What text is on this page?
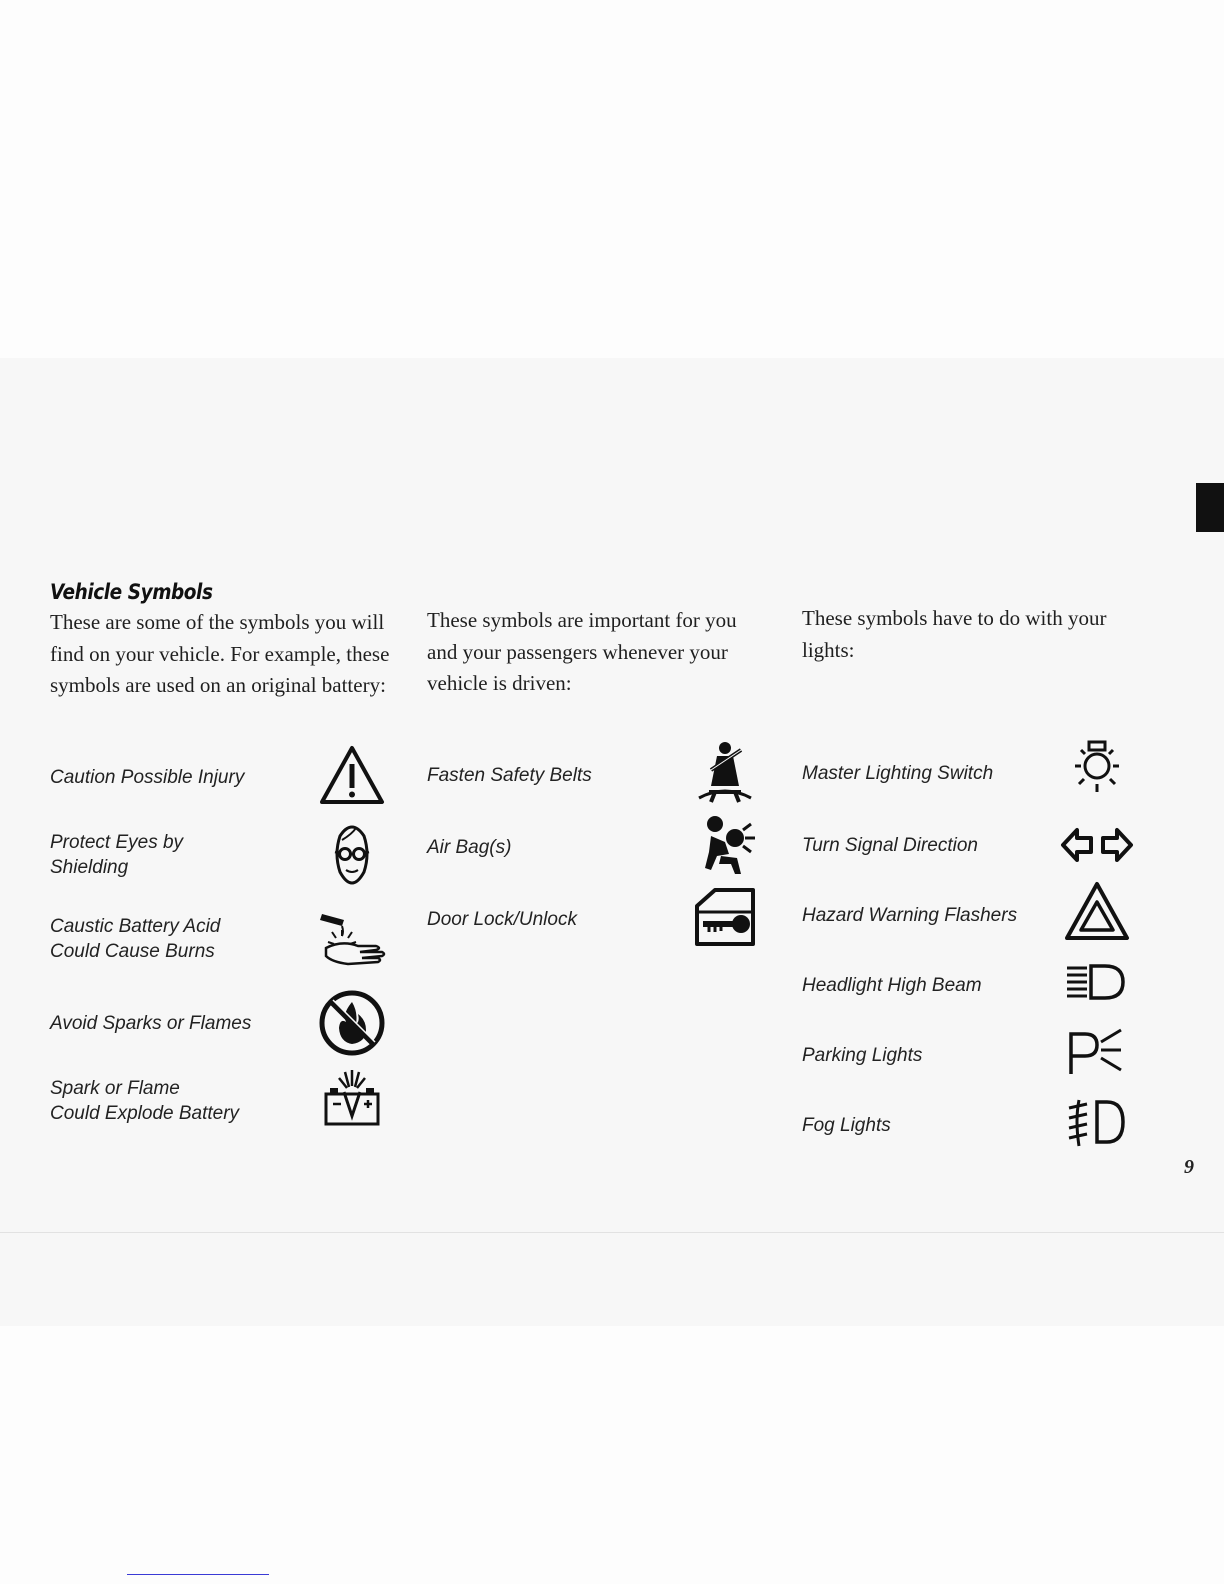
Vehicle Symbols

These are some of the symbols you will find on your vehicle. For example, these symbols are used on an original battery:

Caution Possible Injury
Protect Eyes by
Shielding
Caustic Battery Acid
Could Cause Burns
Avoid Sparks or Flames
Spark or Flame
Could Explode Battery

These symbols are important for you and your passengers whenever your vehicle is driven:

Fasten Safety Belts
Air Bag(s)
Door Lock/Unlock

These symbols have to do with your lights:

Master Lighting Switch
Turn Signal Direction
Hazard Warning Flashers
Headlight High Beam
Parking Lights
Fog Lights
9
